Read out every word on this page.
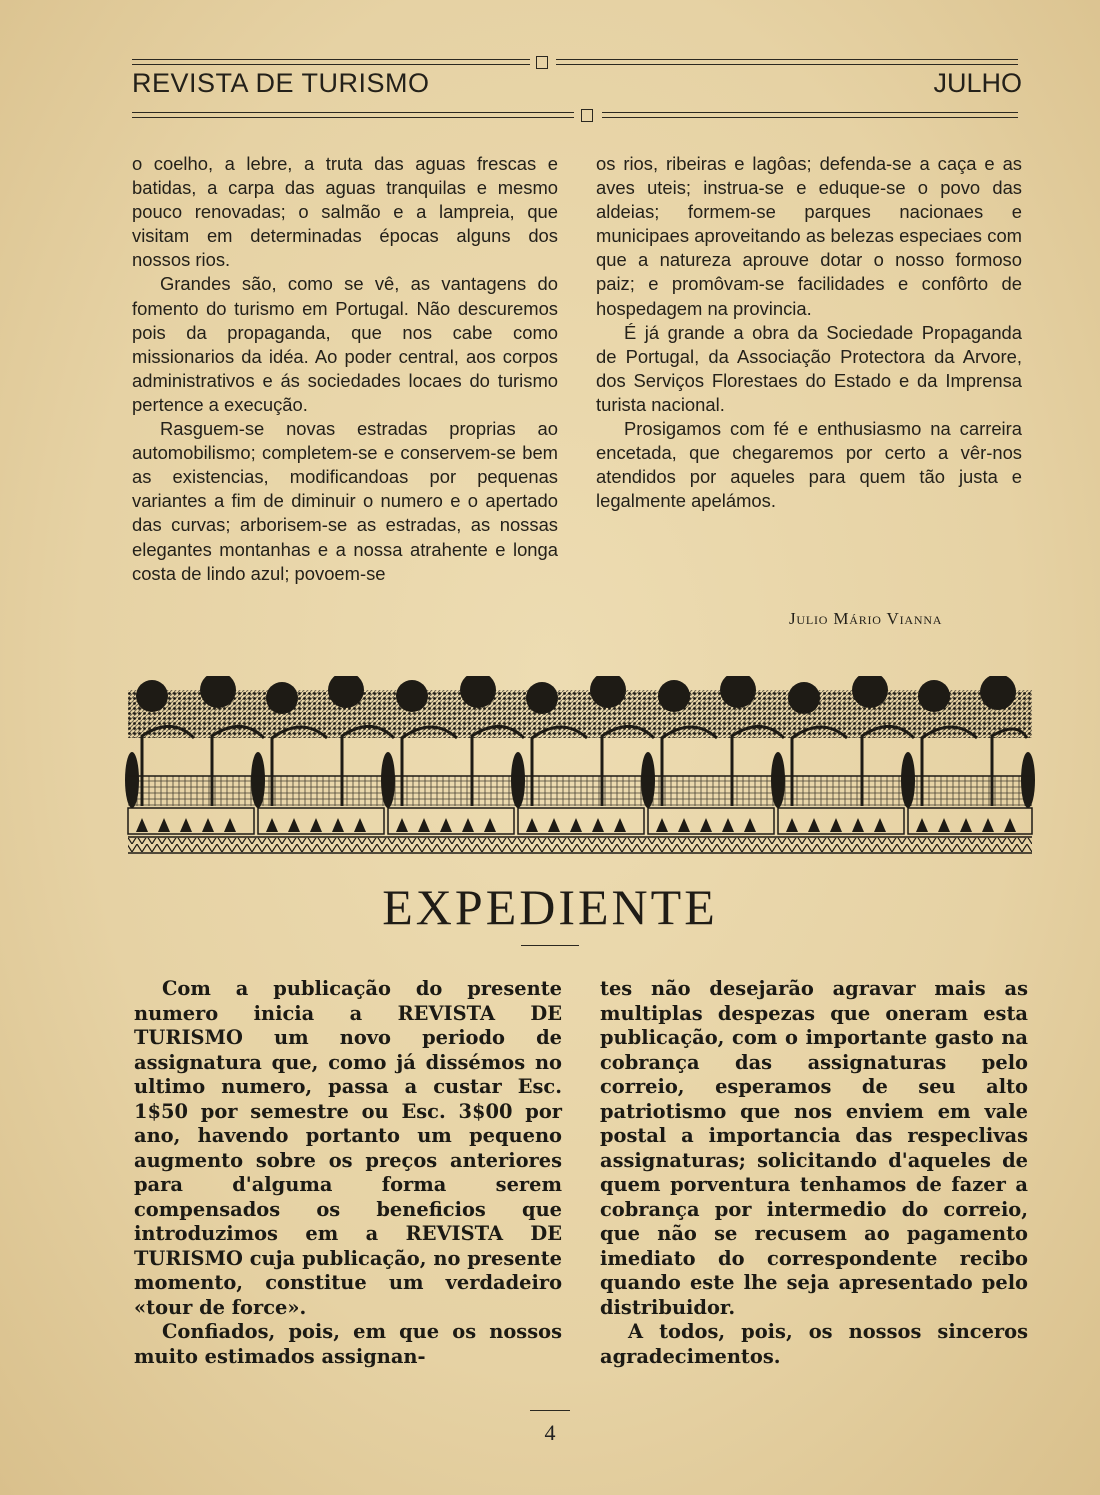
REVISTA DE TURISMO	JULHO

o coelho, a lebre, a truta das aguas frescas e batidas, a carpa das aguas tranquilas e mesmo pouco renovadas; o salmão e a lampreia, que visitam em determinadas épocas alguns dos nossos rios.

Grandes são, como se vê, as vantagens do fomento do turismo em Portugal. Não descuremos pois da propaganda, que nos cabe como missionarios da idéa. Ao poder central, aos corpos administrativos e ás sociedades locaes do turismo pertence a execução.

Rasguem-se novas estradas proprias ao automobilismo; completem-se e conservem-se bem as existencias, modificandoas por pequenas variantes a fim de diminuir o numero e o apertado das curvas; arborisem-se as estradas, as nossas elegantes montanhas e a nossa atrahente e longa costa de lindo azul; povoem-se

os rios, ribeiras e lagôas; defenda-se a caça e as aves uteis; instrua-se e eduque-se o povo das aldeias; formem-se parques nacionaes e municipaes aproveitando as belezas especiaes com que a natureza aprouve dotar o nosso formoso paiz; e promôvam-se facilidades e confôrto de hospedagem na provincia.

É já grande a obra da Sociedade Propaganda de Portugal, da Associação Protectora da Arvore, dos Serviços Florestaes do Estado e da Imprensa turista nacional.

Prosigamos com fé e enthusiasmo na carreira encetada, que chegaremos por certo a vêr-nos atendidos por aqueles para quem tão justa e legalmente apelámos.

Julio Mário Vianna
EXPEDIENTE

Com a publicação do presente numero inicia a REVISTA DE TURISMO um novo periodo de assignatura que, como já dissémos no ultimo numero, passa a custar Esc. 1$50 por semestre ou Esc. 3$00 por ano, havendo portanto um pequeno augmento sobre os preços anteriores para d'alguma forma serem compensados os beneficios que introduzimos em a REVISTA DE TURISMO cuja publicação, no presente momento, constitue um verdadeiro «tour de force».

Confiados, pois, em que os nossos muito estimados assignan-

tes não desejarão agravar mais as multiplas despezas que oneram esta publicação, com o importante gasto na cobrança das assignaturas pelo correio, esperamos de seu alto patriotismo que nos enviem em vale postal a importancia das respeclivas assignaturas; solicitando d'aqueles de quem porventura tenhamos de fazer a cobrança por intermedio do correio, que não se recusem ao pagamento imediato do correspondente recibo quando este lhe seja apresentado pelo distribuidor.

A todos, pois, os nossos sinceros agradecimentos.

4
